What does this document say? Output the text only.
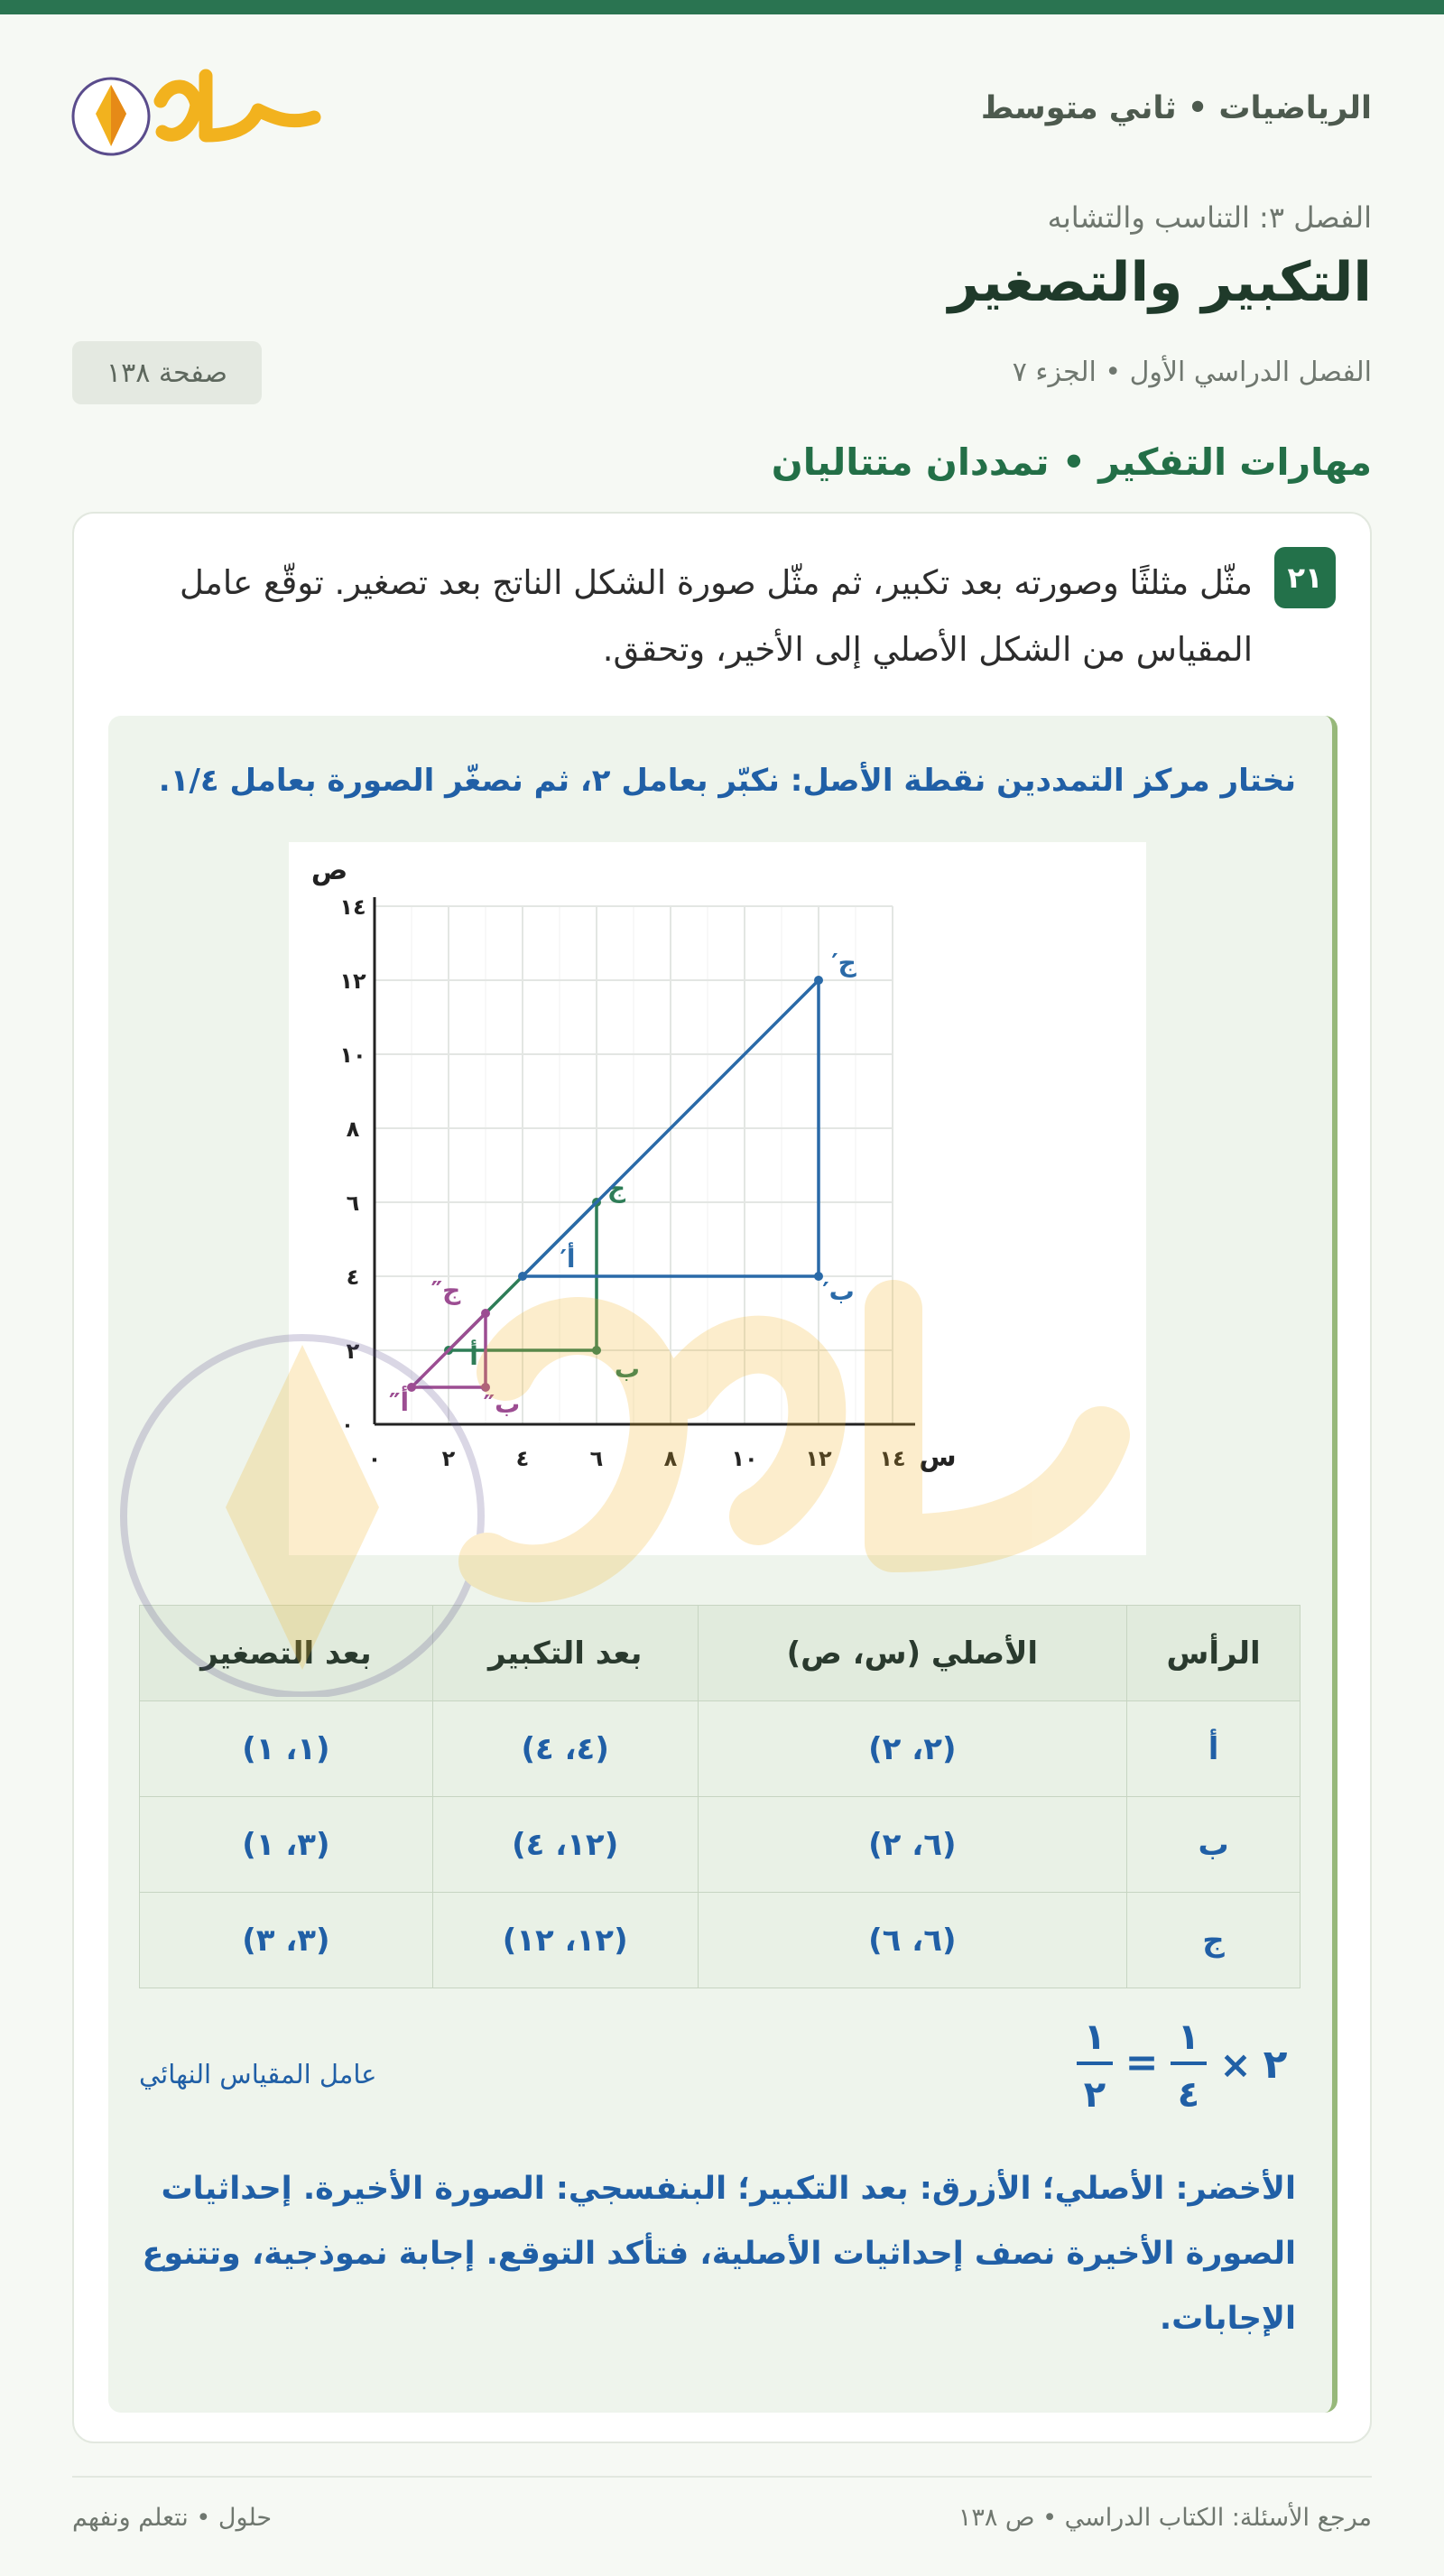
الرياضيات • ثاني متوسط
الفصل ٣: التناسب والتشابه
التكبير والتصغير
الفصل الدراسي الأول • الجزء ٧
صفحة ١٣٨
مهارات التفكير • تمددان متتاليان
٢١
مثّل مثلثًا وصورته بعد تكبير، ثم مثّل صورة الشكل الناتج بعد تصغير. توقّع عامل المقياس من الشكل الأصلي إلى الأخير، وتحقق.
نختار مركز التمددين نقطة الأصل: نكبّر بعامل ٢، ثم نصغّر الصورة بعامل ١/٤.
س
ص
٠	٢	٤	٦	٨	١٠ ١٢ ١٤
٢
٤
٦
٨
١٠
١٢
١٤
٠
أ	ب
ج
أ′
ب′
ج′
أ″	ب″
ج″
الرأس	الأصلي (س، ص)	بعد التكبير	بعد التصغير
أ	(٢، ٢)	(٤، ٤)	(١، ١)
ب	(٦، ٢)	(١٢، ٤)	(٣، ١)
ج	(٦، ٦)	(١٢، ١٢)	(٣، ٣)
١
٢
=
١
٤
× ٢
عامل المقياس النهائي
الأخضر: الأصلي؛ الأزرق: بعد التكبير؛ البنفسجي: الصورة الأخيرة. إحداثيات الصورة الأخيرة نصف إحداثيات الأصلية، فتأكد التوقع. إجابة نموذجية، وتتنوع الإجابات.
مرجع الأسئلة: الكتاب الدراسي • ص ١٣٨
حلول • نتعلم ونفهم
